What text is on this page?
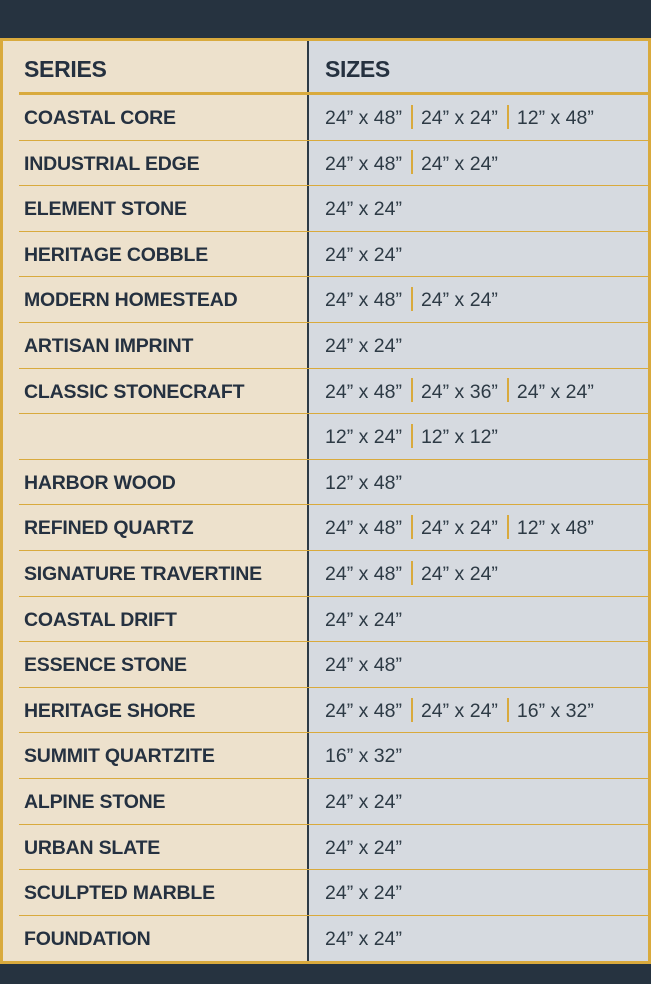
SERIES	SIZES
COASTAL CORE	24” x 48” 24” x 24” 12” x 48”
INDUSTRIAL EDGE	24” x 48” 24” x 24”
ELEMENT STONE	24” x 24”
HERITAGE COBBLE	24” x 24”
MODERN HOMESTEAD	24” x 48” 24” x 24”
ARTISAN IMPRINT	24” x 24”
CLASSIC STONECRAFT	24” x 48” 24” x 36” 24” x 24”
12” x 24” 12” x 12”
HARBOR WOOD	12” x 48”
REFINED QUARTZ	24” x 48” 24” x 24” 12” x 48”
SIGNATURE TRAVERTINE	24” x 48” 24” x 24”
COASTAL DRIFT	24” x 24”
ESSENCE STONE	24” x 48”
HERITAGE SHORE	24” x 48” 24” x 24” 16” x 32”
SUMMIT QUARTZITE	16” x 32”
ALPINE STONE	24” x 24”
URBAN SLATE	24” x 24”
SCULPTED MARBLE	24” x 24”
FOUNDATION	24” x 24”
